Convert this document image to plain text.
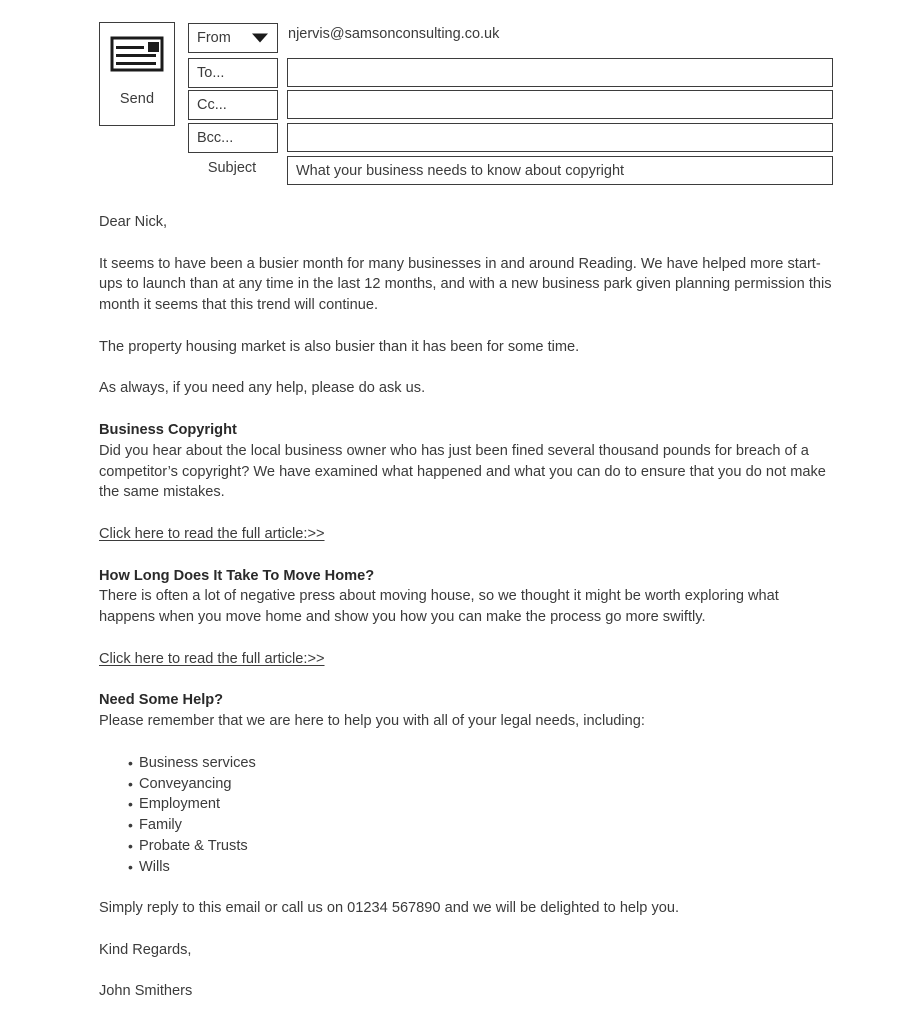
Send
From	njervis@samsonconsulting.co.uk
To...
Cc...
Bcc...
Subject
What your business needs to know about copyright

Dear Nick,

It seems to have been a busier month for many businesses in and around Reading. We have helped more start-ups to launch than at any time in the last 12 months, and with a new business park given planning permission this month it seems that this trend will continue.

The property housing market is also busier than it has been for some time.

As always, if you need any help, please do ask us.

Business Copyright

Did you hear about the local business owner who has just been fined several thousand pounds for breach of a competitor’s copyright? We have examined what happened and what you can do to ensure that you do not make the same mistakes.

Click here to read the full article:>>

How Long Does It Take To Move Home?

There is often a lot of negative press about moving house, so we thought it might be worth exploring what happens when you move home and show you how you can make the process go more swiftly.

Click here to read the full article:>>

Need Some Help?

Please remember that we are here to help you with all of your legal needs, including:

• Business services
• Conveyancing
• Employment
• Family
• Probate & Trusts
• Wills

Simply reply to this email or call us on 01234 567890 and we will be delighted to help you.

Kind Regards,

John Smithers
